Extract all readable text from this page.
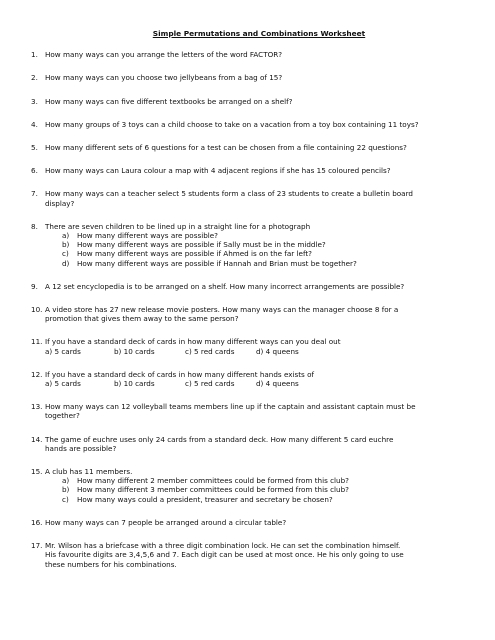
Simple Permutations and Combinations Worksheet
1. How many ways can you arrange the letters of the word FACTOR?
2. How many ways can you choose two jellybeans from a bag of 15?
3. How many ways can five different textbooks be arranged on a shelf?
4. How many groups of 3 toys can a child choose to take on a vacation from a toy box containing 11 toys?
5. How many different sets of 6 questions for a test can be chosen from a file containing 22 questions?
6. How many ways can Laura colour a map with 4 adjacent regions if she has 15 coloured pencils?
7. How many ways can a teacher select 5 students form a class of 23 students to create a bulletin board
display?
8. There are seven children to be lined up in a straight line for a photograph
a) How many different ways are possible?
b) How many different ways are possible if Sally must be in the middle?
c) How many different ways are possible if Ahmed is on the far left?
d) How many different ways are possible if Hannah and Brian must be together?
9. A 12 set encyclopedia is to be arranged on a shelf. How many incorrect arrangements are possible?
10. A video store has 27 new release movie posters. How many ways can the manager choose 8 for a
promotion that gives them away to the same person?
11. If you have a standard deck of cards in how many different ways can you deal out
a) 5 cards	b) 10 cards	c) 5 red cards	d) 4 queens
12. If you have a standard deck of cards in how many different hands exists of
a) 5 cards	b) 10 cards	c) 5 red cards	d) 4 queens
13. How many ways can 12 volleyball teams members line up if the captain and assistant captain must be
together?
14. The game of euchre uses only 24 cards from a standard deck. How many different 5 card euchre
hands are possible?
15. A club has 11 members.
a) How many different 2 member committees could be formed from this club?
b) How many different 3 member committees could be formed from this club?
c) How many ways could a president, treasurer and secretary be chosen?
16. How many ways can 7 people be arranged around a circular table?
17. Mr. Wilson has a briefcase with a three digit combination lock. He can set the combination himself.
His favourite digits are 3,4,5,6 and 7. Each digit can be used at most once. He his only going to use
these numbers for his combinations.
